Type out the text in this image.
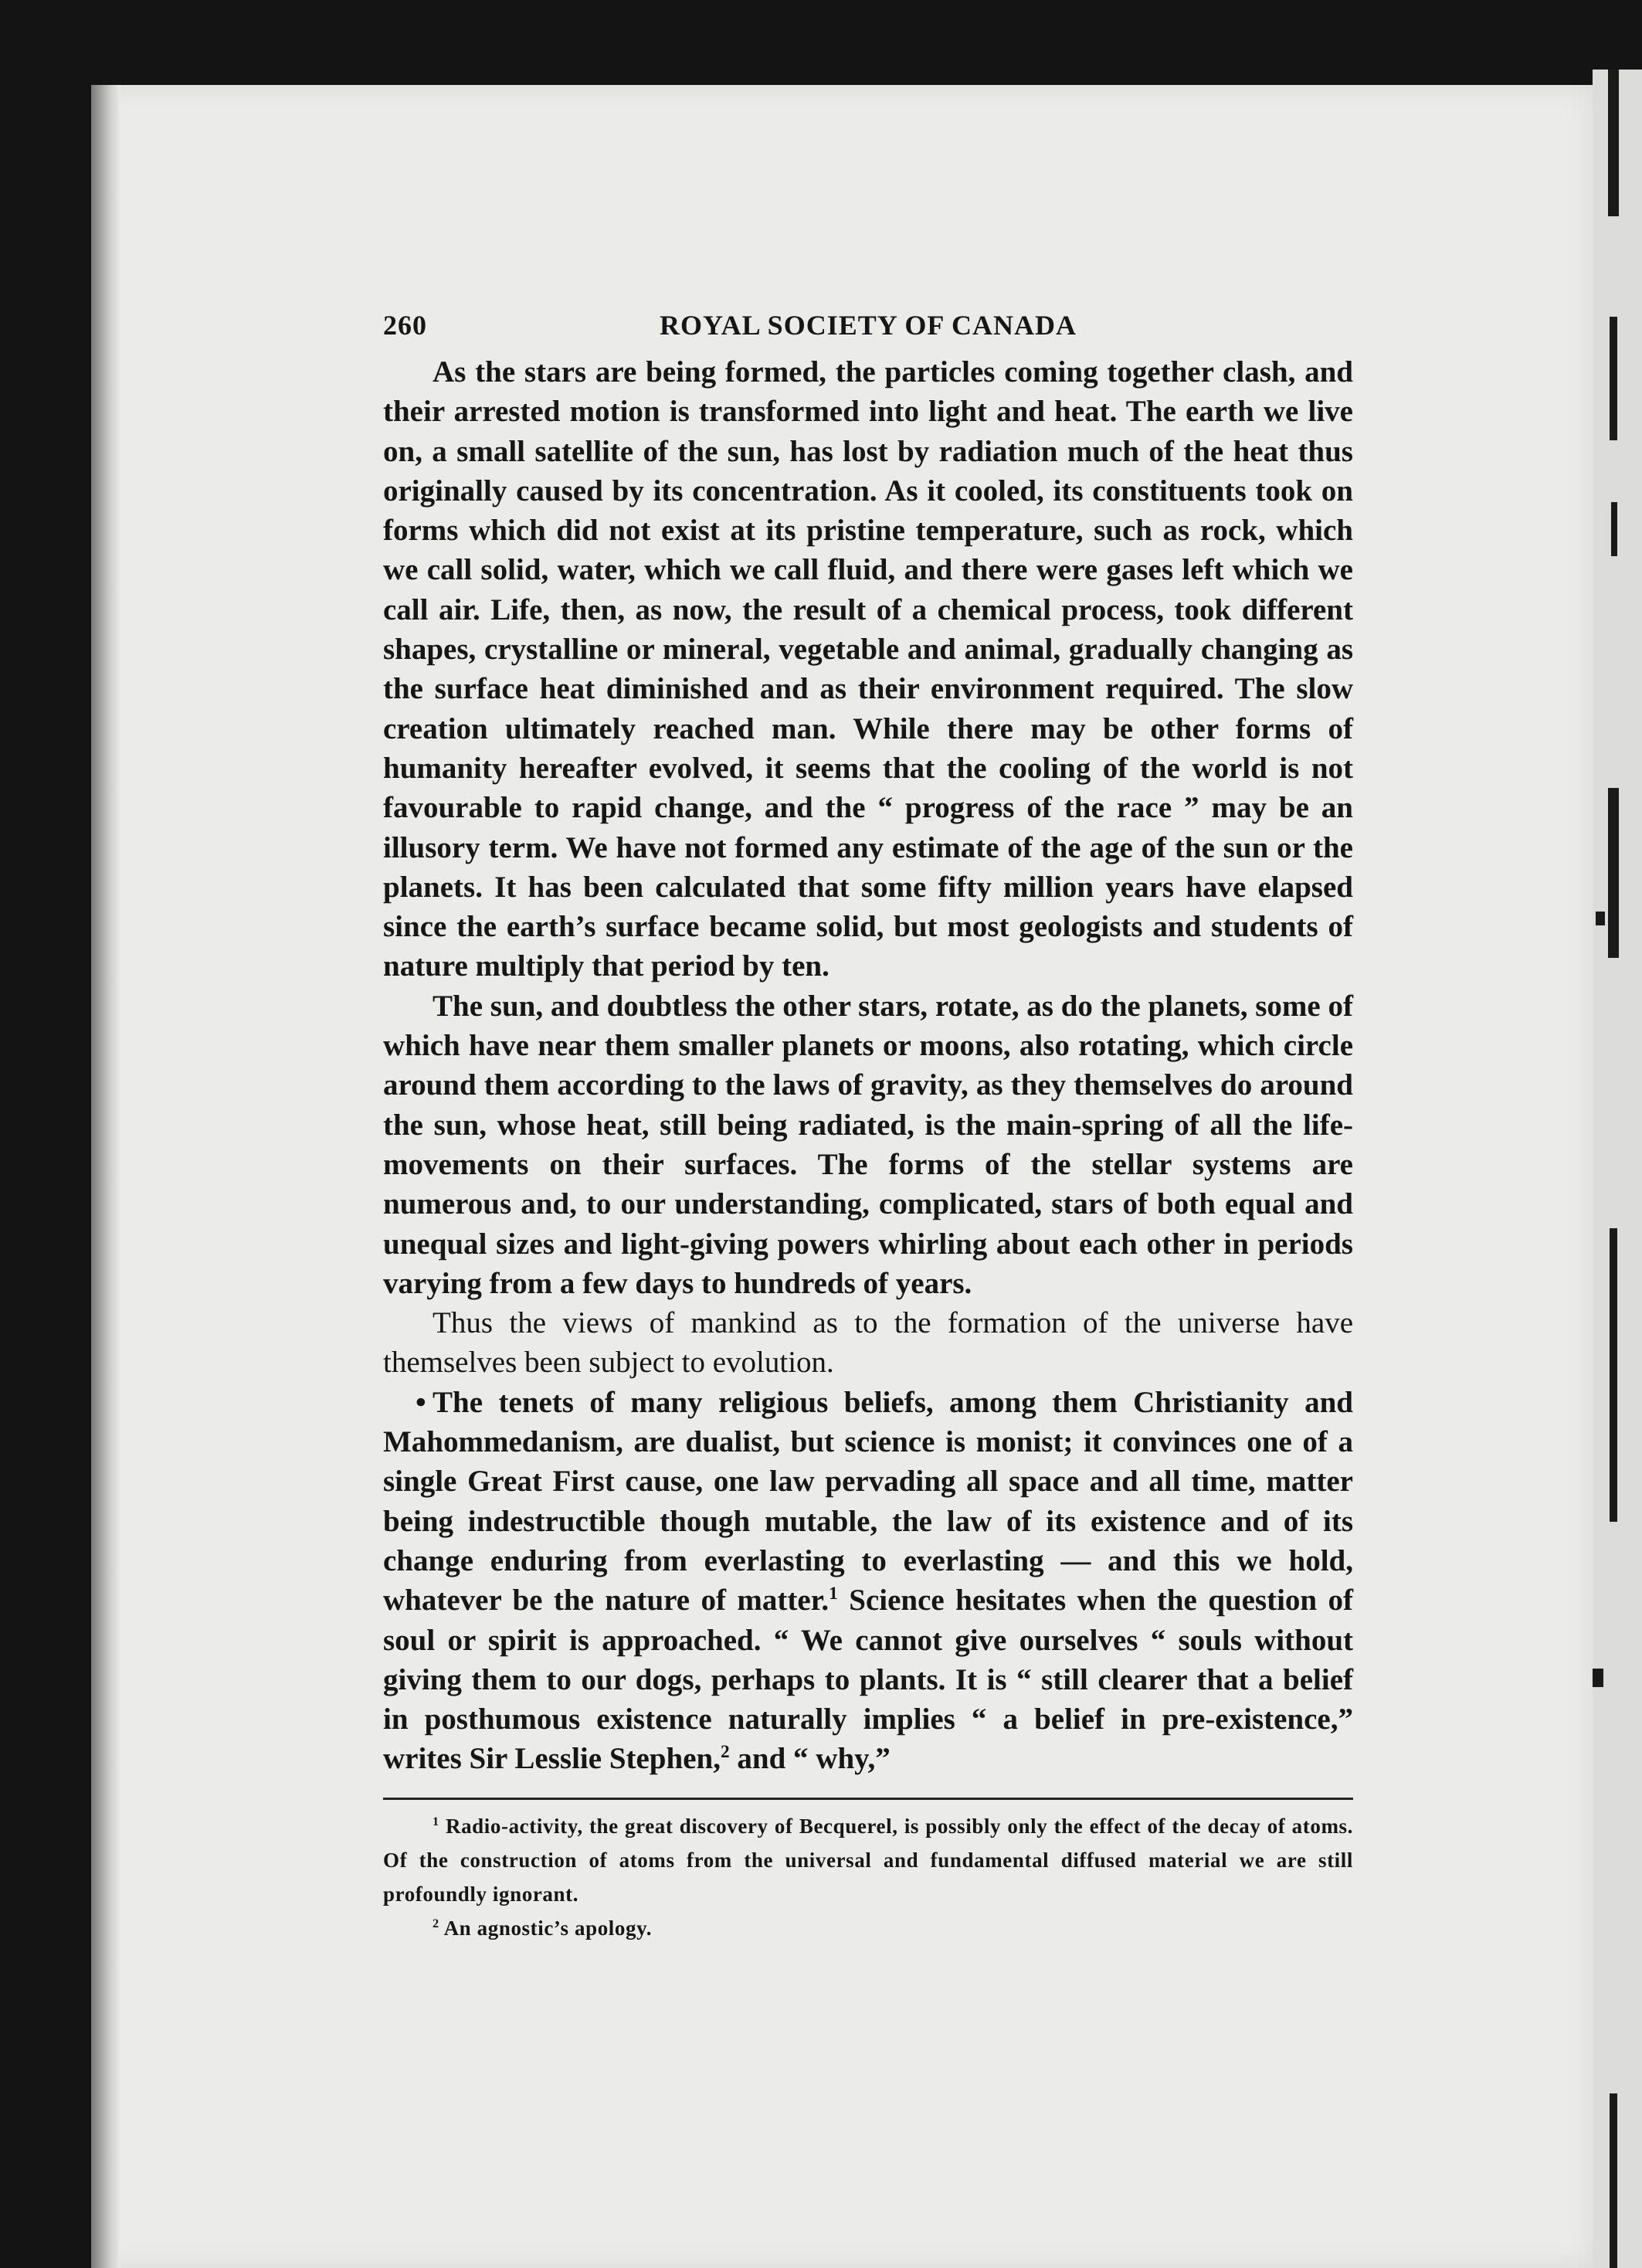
260	ROYAL SOCIETY OF CANADA

As the stars are being formed, the particles coming together clash, and their arrested motion is transformed into light and heat. The earth we live on, a small satellite of the sun, has lost by radiation much of the heat thus originally caused by its concentration. As it cooled, its constituents took on forms which did not exist at its pristine temperature, such as rock, which we call solid, water, which we call fluid, and there were gases left which we call air. Life, then, as now, the result of a chemical process, took different shapes, crystalline or mineral, vegetable and animal, gradually changing as the surface heat diminished and as their environment required. The slow creation ultimately reached man. While there may be other forms of humanity hereafter evolved, it seems that the cooling of the world is not favourable to rapid change, and the “ progress of the race ” may be an illusory term. We have not formed any estimate of the age of the sun or the planets. It has been calculated that some fifty million years have elapsed since the earth’s surface became solid, but most geologists and students of nature multiply that period by ten.

The sun, and doubtless the other stars, rotate, as do the planets, some of which have near them smaller planets or moons, also rotating, which circle around them according to the laws of gravity, as they themselves do around the sun, whose heat, still being radiated, is the main-spring of all the life-movements on their surfaces. The forms of the stellar systems are numerous and, to our understanding, complicated, stars of both equal and unequal sizes and light-giving powers whirling about each other in periods varying from a few days to hundreds of years.

Thus the views of mankind as to the formation of the universe have themselves been subject to evolution.

• The tenets of many religious beliefs, among them Christianity and Mahommedanism, are dualist, but science is monist; it convinces one of a single Great First cause, one law pervading all space and all time, matter being indestructible though mutable, the law of its existence and of its change enduring from everlasting to everlasting — and this we hold, whatever be the nature of matter.$^1$ Science hesitates when the question of soul or spirit is approached. “ We cannot give ourselves “ souls without giving them to our dogs, perhaps to plants. It is “ still clearer that a belief in posthumous existence naturally implies “ a belief in pre-existence,” writes Sir Lesslie Stephen,$^2$ and “ why,”

$^1$ Radio-activity, the great discovery of Becquerel, is possibly only the effect of the decay of atoms. Of the construction of atoms from the universal and fundamental diffused material we are still profoundly ignorant.

$^2$ An agnostic’s apology.
